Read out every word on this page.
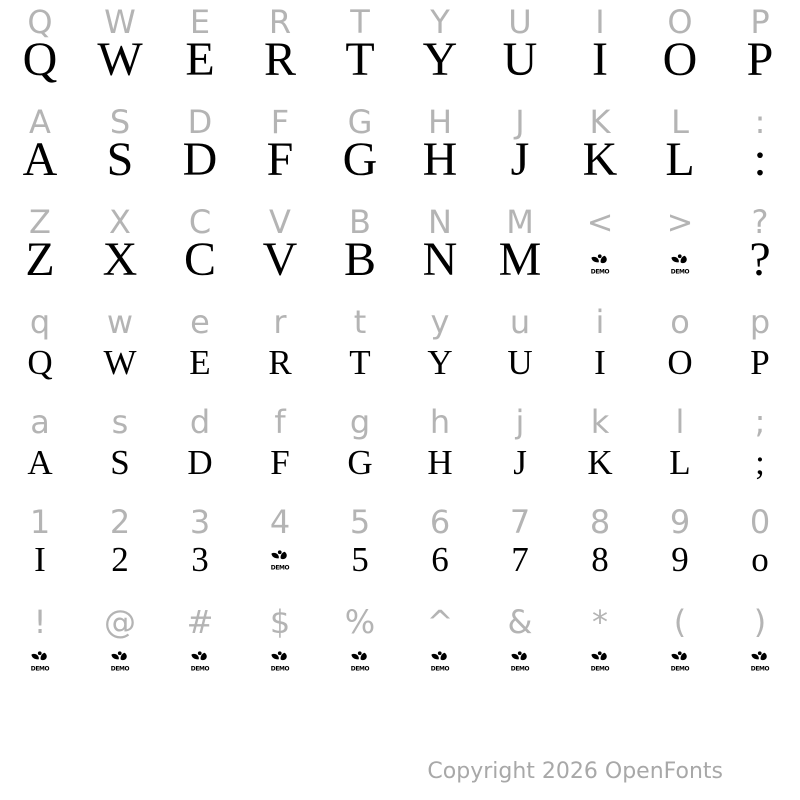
Copyright 2026 OpenFonts
Q W E R T Y U I O P
Q W E R T Y U I O P
A S D F G H J K L :
A S D F G H J K L :
Z X C V B N M < > ?
Z X C V B N M	DEMO	DEMO ?
q w e r t y u i o p
Q W E R T Y U I O P
a s d f g h j k l ;
A S D F G H J K L ;
1 2 3 4 5 6 7 8 9 0
I 2 3	DEMO 5 6 7 8 9 o
! @ # $ % ^ & * ( )
DEMO	DEMO	DEMO	DEMO	DEMO	DEMO	DEMO	DEMO	DEMO	DEMO
